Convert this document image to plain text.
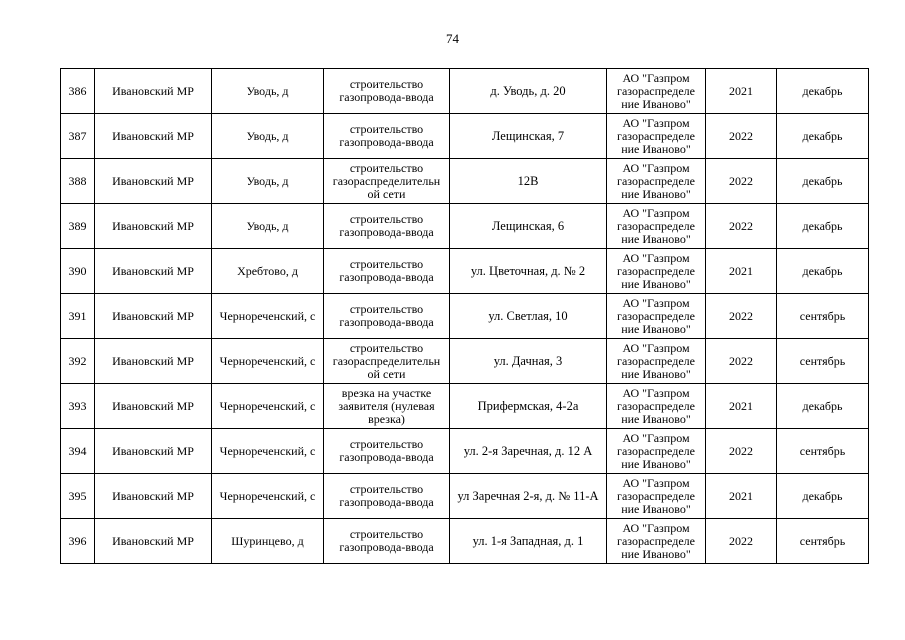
74
386	Ивановский МР	Уводь, д	строительство газопровода-ввода	д. Уводь, д. 20	АО "Газпром газораспределе ние Иваново"	2021	декабрь
387	Ивановский МР	Уводь, д	строительство газопровода-ввода	Лещинская, 7	АО "Газпром газораспределе ние Иваново"	2022	декабрь
388	Ивановский МР	Уводь, д	строительство газораспределительн ой сети	12В	АО "Газпром газораспределе ние Иваново"	2022	декабрь
389	Ивановский МР	Уводь, д	строительство газопровода-ввода	Лещинская, 6	АО "Газпром газораспределе ние Иваново"	2022	декабрь
390	Ивановский МР	Хребтово, д	строительство газопровода-ввода	ул. Цветочная, д. № 2	АО "Газпром газораспределе ние Иваново"	2021	декабрь
391	Ивановский МР	Чернореченский, с	строительство газопровода-ввода	ул. Светлая, 10	АО "Газпром газораспределе ние Иваново"	2022	сентябрь
392	Ивановский МР	Чернореченский, с	строительство газораспределительн ой сети	ул. Дачная, 3	АО "Газпром газораспределе ние Иваново"	2022	сентябрь
393	Ивановский МР	Чернореченский, с	врезка на участке заявителя (нулевая врезка)	Прифермская, 4-2а	АО "Газпром газораспределе ние Иваново"	2021	декабрь
394	Ивановский МР	Чернореченский, с	строительство газопровода-ввода	ул. 2-я Заречная, д. 12 А	АО "Газпром газораспределе ние Иваново"	2022	сентябрь
395	Ивановский МР	Чернореченский, с	строительство газопровода-ввода	ул Заречная 2-я, д. № 11-А	АО "Газпром газораспределе ние Иваново"	2021	декабрь
396	Ивановский МР	Шуринцево, д	строительство газопровода-ввода	ул. 1-я Западная, д. 1	АО "Газпром газораспределе ние Иваново"	2022	сентябрь
